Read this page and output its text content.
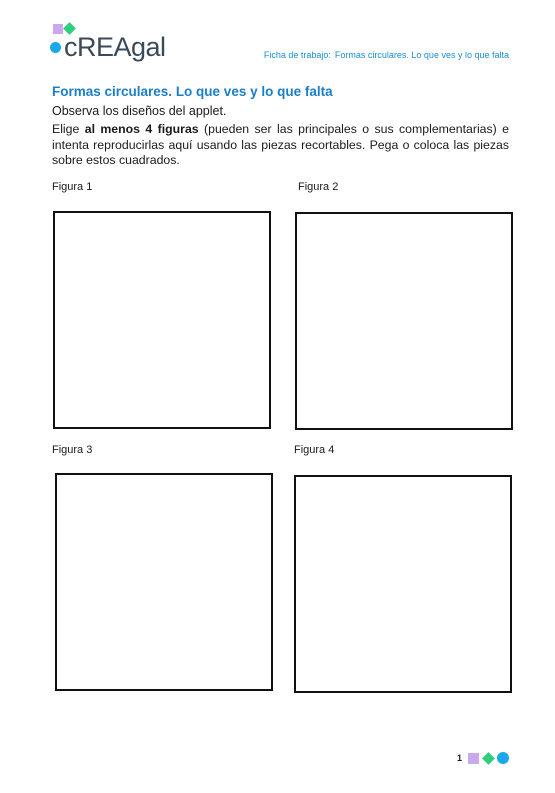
cREAgal	Ficha de trabajo: Formas circulares. Lo que ves y lo que falta
Formas circulares. Lo que ves y lo que falta
Observa los diseños del applet.
Elige al menos 4 figuras (pueden ser las principales o sus complementarias) e intenta reproducirlas aquí usando las piezas recortables. Pega o coloca las piezas sobre estos cuadrados.
Figura 1	Figura 2
Figura 3	Figura 4
1
